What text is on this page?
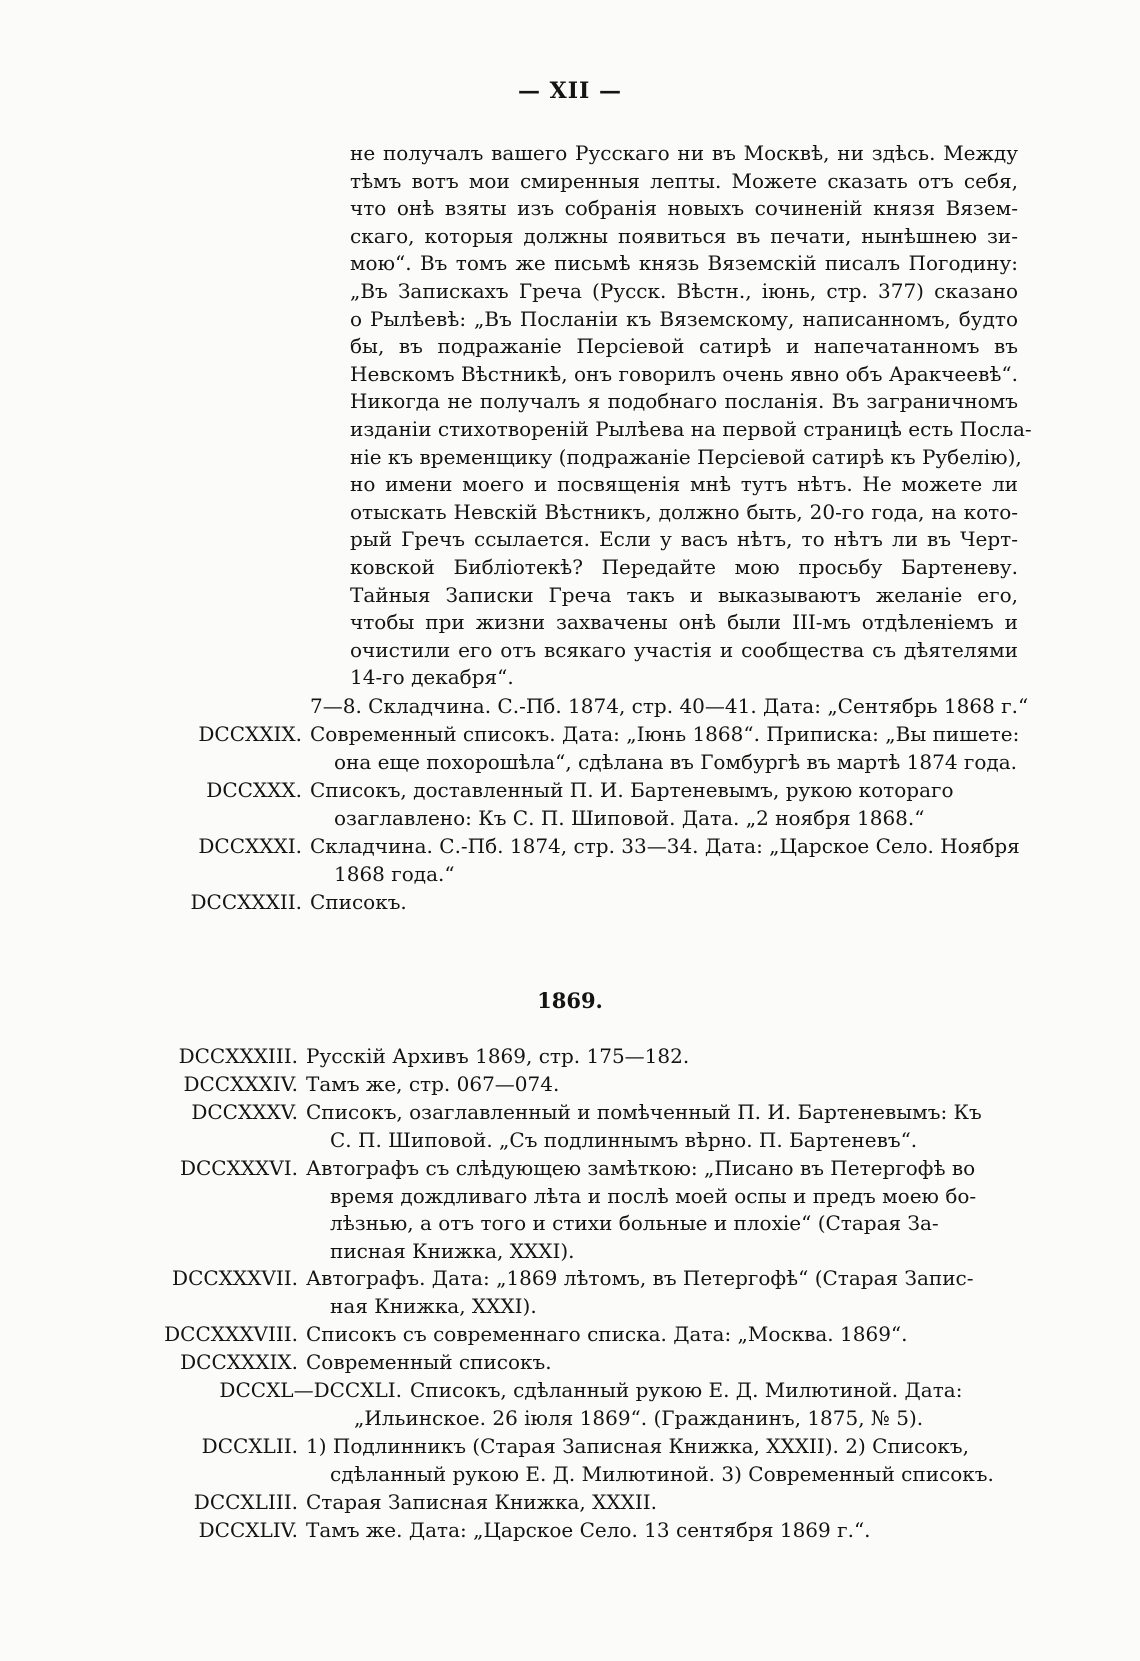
— XII —
не получалъ вашего Русскаго ни въ Москвѣ, ни здѣсь. Между
тѣмъ вотъ мои смиренныя лепты. Можете сказать отъ себя,
что онѣ взяты изъ собранія новыхъ сочиненій князя Вязем-
скаго, которыя должны появиться въ печати, нынѣшнею зи-
мою“. Въ томъ же письмѣ князь Вяземскій писалъ Погодину:
„Въ Запискахъ Греча (Русск. Вѣстн., іюнь, стр. 377) сказано
о Рылѣевѣ: „Въ Посланіи къ Вяземскому, написанномъ, будто
бы, въ подражаніе Персіевой сатирѣ и напечатанномъ въ
Невскомъ Вѣстникѣ, онъ говорилъ очень явно объ Аракчеевѣ“.
Никогда не получалъ я подобнаго посланія. Въ заграничномъ
изданіи стихотвореній Рылѣева на первой страницѣ есть Посла-
ніе къ временщику (подражаніе Персіевой сатирѣ къ Рубелію),
но имени моего и посвященія мнѣ тутъ нѣтъ. Не можете ли
отыскать Невскій Вѣстникъ, должно быть, 20-го года, на кото-
рый Гречъ ссылается. Если у васъ нѣтъ, то нѣтъ ли въ Черт-
ковской Библіотекѣ? Передайте мою просьбу Бартеневу.
Тайныя Записки Греча такъ и выказываютъ желаніе его,
чтобы при жизни захвачены онѣ были III-мъ отдѣленіемъ и
очистили его отъ всякаго участія и сообщества съ дѣятелями
14-го декабря“.
7—8. Складчина. С.-Пб. 1874, стр. 40—41. Дата: „Сентябрь 1868 г.“
DCCXXIX. Современный списокъ. Дата: „Іюнь 1868“. Приписка: „Вы пишете:
она еще похорошѣла“, сдѣлана въ Гомбургѣ въ мартѣ 1874 года.
DCCXXX. Списокъ, доставленный П. И. Бартеневымъ, рукою котораго
озаглавлено: Къ С. П. Шиповой. Дата. „2 ноября 1868.“
DCCXXXI. Складчина. С.-Пб. 1874, стр. 33—34. Дата: „Царское Село. Ноября
1868 года.“
DCCXXXII. Списокъ.
1869.
DCCXXXIII. Русскій Архивъ 1869, стр. 175—182.
DCCXXXIV. Тамъ же, стр. 067—074.
DCCXXXV. Списокъ, озаглавленный и помѣченный П. И. Бартеневымъ: Къ
С. П. Шиповой. „Съ подлиннымъ вѣрно. П. Бартеневъ“.
DCCXXXVI. Автографъ съ слѣдующею замѣткою: „Писано въ Петергофѣ во
время дождливаго лѣта и послѣ моей оспы и предъ моею бо-
лѣзнью, а отъ того и стихи больные и плохіе“ (Старая За-
писная Книжка, XXXI).
DCCXXXVII. Автографъ. Дата: „1869 лѣтомъ, въ Петергофѣ“ (Старая Запис-
ная Книжка, XXXI).
DCCXXXVIII. Списокъ съ современнаго списка. Дата: „Москва. 1869“.
DCCXXXIX. Современный списокъ.
DCCXL—DCCXLI. Списокъ, сдѣланный рукою Е. Д. Милютиной. Дата:
„Ильинское. 26 іюля 1869“. (Гражданинъ, 1875, № 5).
DCCXLII. 1) Подлинникъ (Старая Записная Книжка, XXXII). 2) Списокъ,
сдѣланный рукою Е. Д. Милютиной. 3) Современный списокъ.
DCCXLIII. Старая Записная Книжка, XXXII.
DCCXLIV. Тамъ же. Дата: „Царское Село. 13 сентября 1869 г.“.
